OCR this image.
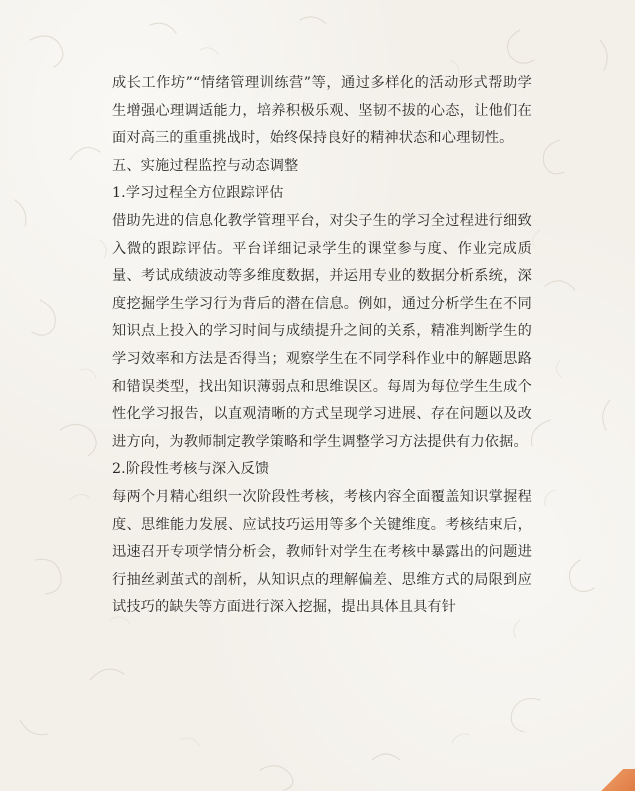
成长工作坊”“情绪管理训练营”等，通过多样化的活动形式帮助学生增强心理调适能力，培养积极乐观、坚韧不拔的心态，让他们在面对高三的重重挑战时，始终保持良好的精神状态和心理韧性。

五、实施过程监控与动态调整

1.学习过程全方位跟踪评估

借助先进的信息化教学管理平台，对尖子生的学习全过程进行细致入微的跟踪评估。平台详细记录学生的课堂参与度、作业完成质量、考试成绩波动等多维度数据，并运用专业的数据分析系统，深度挖掘学生学习行为背后的潜在信息。例如，通过分析学生在不同知识点上投入的学习时间与成绩提升之间的关系，精准判断学生的学习效率和方法是否得当；观察学生在不同学科作业中的解题思路和错误类型，找出知识薄弱点和思维误区。每周为每位学生生成个性化学习报告，以直观清晰的方式呈现学习进展、存在问题以及改进方向，为教师制定教学策略和学生调整学习方法提供有力依据。

2.阶段性考核与深入反馈

每两个月精心组织一次阶段性考核，考核内容全面覆盖知识掌握程度、思维能力发展、应试技巧运用等多个关键维度。考核结束后，迅速召开专项学情分析会，教师针对学生在考核中暴露出的问题进行抽丝剥茧式的剖析，从知识点的理解偏差、思维方式的局限到应试技巧的缺失等方面进行深入挖掘，提出具体且具有针
